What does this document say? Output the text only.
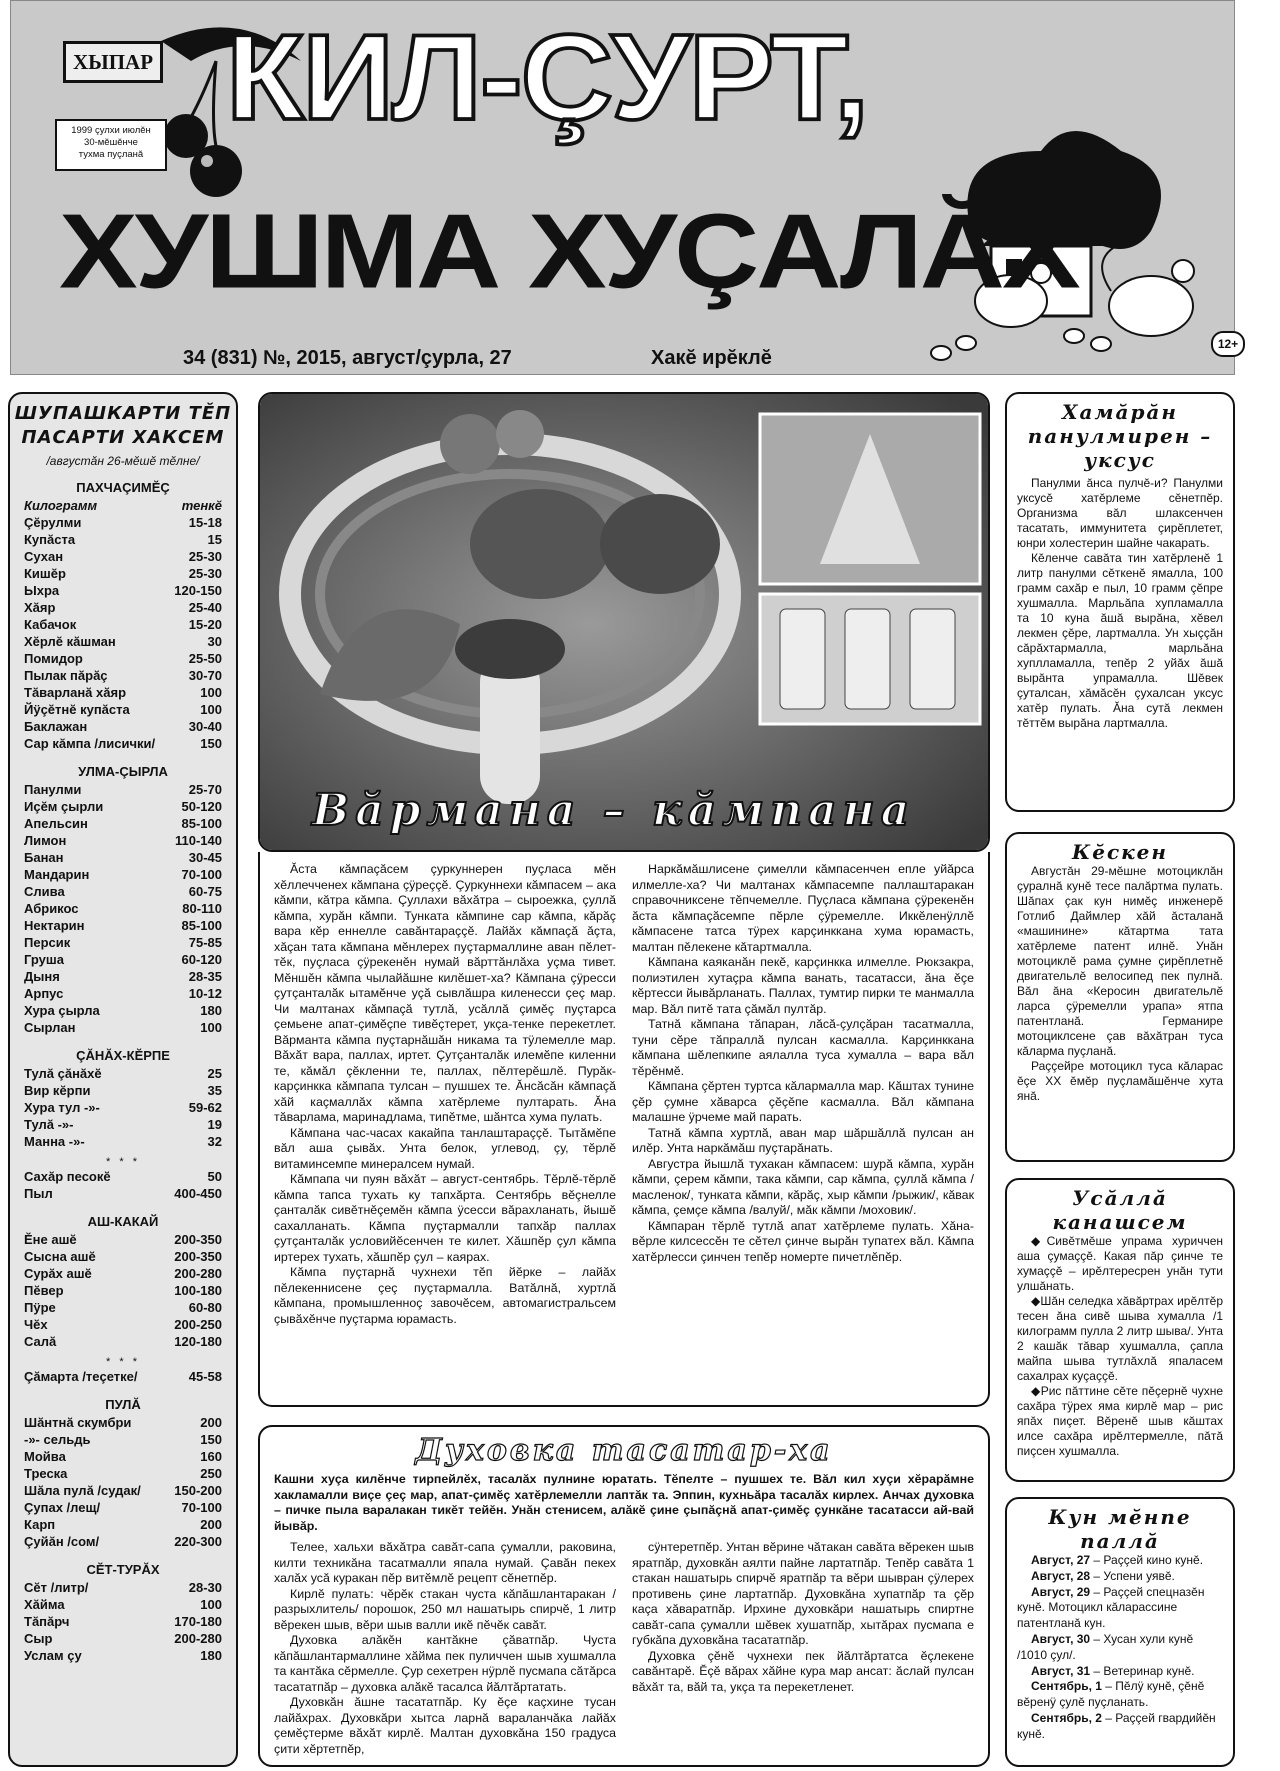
ХЫПАР
1999 çулхи июлĕн
30-мĕшĕнче
тухма пуçланă
КИЛ-ÇУРТ,
ХУШМА ХУÇАЛĂХ
34 (831) №, 2015, август/çурла, 27	Хакĕ ирĕклĕ
12+
ШУПАШКАРТИ ТĔП ПАСАРТИ ХАКСЕМ
/августăн 26-мĕшĕ тĕлне/
ПАХЧАÇИМĔÇ
Килограмм	тенкĕ
Çĕрулми	15-18
Купăста	15
Сухан	25-30
Кишĕр	25-30
Ыхра	120-150
Хăяр	25-40
Кабачок	15-20
Хĕрлĕ кăшман	30
Помидор	25-50
Пылак пăрăç	30-70
Тăварланă хăяр	100
Йÿçĕтнĕ купăста	100
Баклажан	30-40
Сар кăмпа /лисички/	150
УЛМА-ÇЫРЛА
Панулми	25-70
Иçĕм çырли	50-120
Апельсин	85-100
Лимон	110-140
Банан	30-45
Мандарин	70-100
Слива	60-75
Абрикос	80-110
Нектарин	85-100
Персик	75-85
Груша	60-120
Дыня	28-35
Арпус	10-12
Хура çырла	180
Сырлан	100
ÇĂНĂХ-КĔРПЕ
Тулă çăнăхĕ	25
Вир кĕрпи	35
Хура тул -»-	59-62
Тулă -»-	19
Манна -»-	32
* * *
Сахăр песокĕ	50
Пыл	400-450
АШ-КАКАЙ
Ĕне ашĕ	200-350
Сысна ашĕ	200-350
Сурăх ашĕ	200-280
Пĕвер	100-180
Пÿре	60-80
Чĕх	200-250
Салă	120-180
* * *
Çăмарта /теçетке/	45-58
ПУЛĂ
Шăнтнă скумбри	200
-»- сельдь	150
Мойва	160
Треска	250
Шăла пулă /судак/	150-200
Çупах /лещ/	70-100
Карп	200
Çуйăн /сом/	220-300
СĔТ-ТУРĂХ
Сĕт /литр/	28-30
Хăйма	100
Тăпăрч	170-180
Сыр	200-280
Услам çу	180
Вăрмана – кăмпана

Ăста кăмпаçăсем çуркуннерен пуçласа мĕн хĕллечченех кăмпана çÿреççĕ. Çуркуннехи кăмпасем – ака кăмпи, кăтра кăмпа. Çуллахи вăхăтра – сыроежка, çуллă кăмпа, хурăн кăмпи. Тунката кăмпине сар кăмпа, кăрăç вара кĕр еннелле савăнтараççĕ. Лайăх кăмпаçă ăçта, хăçан тата кăмпана мĕнлерех пуçтармаллине аван пĕлет-тĕк, пуçласа çÿрекенĕн нумай вăрттăнлăха уçма тивет. Мĕншĕн кăмпа чылайăшне килĕшет-ха? Кăмпана çÿресси çутçанталăк ытамĕнче уçă сывлăшра киленесси çеç мар. Чи малтанах кăмпаçă тутлă, усăллă çимĕç пуçтарса çемьене апат-çимĕçпе тивĕçтерет, укçа-тенке перекетлет. Вăрманта кăмпа пуçтарнăшăн никама та тÿлемелле мар. Вăхăт вара, паллах, иртет. Çутçанталăк илемĕпе киленни те, кăмăл çĕкленни те, паллах, пĕлтерĕшлĕ. Пурăк-карçинкка кăмпапа тулсан – пушшех те. Ăнсăсăн кăмпаçă хăй каçмаллăх кăмпа хатĕрлеме пултарать. Ăна тăварлама, маринадлама, типĕтме, шăнтса хума пулать.

Кăмпана час-часах какайпа танлаштараççĕ. Тытăмĕпе вăл аша çывăх. Унта белок, углевод, çу, тĕрлĕ витаминсемпе минералсем нумай.

Кăмпапа чи пуян вăхăт – август-сентябрь. Тĕрлĕ-тĕрлĕ кăмпа тапса тухать ку тапхăрта. Сентябрь вĕçнелле çанталăк сивĕтнĕçемĕн кăмпа ÿсесси вăрахланать, йышĕ сахалланать. Кăмпа пуçтармалли тапхăр паллах çутçанталăк условийĕсенчен те килет. Хăшпĕр çул кăмпа иртерех тухать, хăшпĕр çул – каярах.

Кăмпа пуçтарнă чухнехи тĕп йĕрке – лайăх пĕлекеннисене çеç пуçтармалла. Ватăлнă, хуртлă кăмпана, промышленноç завочĕсем, автомагистральсем çывăхĕнче пуçтарма юрамасть.

Наркăмăшлисене çимелли кăмпасенчен епле уйăрса илмелле-ха? Чи малтанах кăмпасемпе паллаштаракан справочниксене тĕпчемелле. Пуçласа кăмпана çÿрекенĕн ăста кăмпаçăсемпе пĕрле çÿремелле. Иккĕленÿллĕ кăмпасене татса тÿрех карçинккана хума юрамасть, малтан пĕлекене кăтартмалла.

Кăмпана каяканăн пекĕ, карçинкка илмелле. Рюкзакра, полиэтилен хутаçра кăмпа ванать, тасатасси, ăна ĕçе кĕртесси йывăрланать. Паллах, тумтир пирки те манмалла мар. Вăл питĕ тата çăмăл пултăр.

Татнă кăмпана тăпаран, лăсă-çулçăран тасатмалла, туни сĕре тăпраллă пулсан касмалла. Карçинккана кăмпана шĕлепкипе аялалла туса хумалла – вара вăл тĕрĕнмĕ.

Кăмпана çĕртен туртса кăлармалла мар. Кăштах тунине çĕр çумне хăварса çĕçĕпе касмалла. Вăл кăмпана малашне ÿрчеме май парать.

Татнă кăмпа хуртлă, аван мар шăршăллă пулсан ан илĕр. Унта наркăмăш пуçтарăнать.

Августра йышлă тухакан кăмпасем: шурă кăмпа, хурăн кăмпи, çерем кăмпи, така кăмпи, сар кăмпа, çуллă кăмпа /масленок/, тунката кăмпи, кăрăç, хыр кăмпи /рыжик/, кăвак кăмпа, çемçе кăмпа /валуй/, мăк кăмпи /моховик/.

Кăмпаран тĕрлĕ тутлă апат хатĕрлеме пулать. Хăна-вĕрле килсессĕн те сĕтел çинче вырăн тупатех вăл. Кăмпа хатĕрлесси çинчен тепĕр номерте пичетлĕпĕр.

Духовка тасатар-ха
Кашни хуçа килĕнче тирпейлĕх, тасалăх пулнине юратать. Тĕпелте – пушшех те. Вăл кил хуçи хĕрарăмне хакламалли виçе çеç мар, апат-çимĕç хатĕрлемелли лаптăк та. Эппин, кухньăра тасалăх кирлех. Анчах духовка – пичке пыла варалакан тикĕт тейĕн. Унăн стенисем, алăкĕ çине çыпăçнă апат-çимĕç çункăне тасатасси ай-вай йывăр.

Телее, хальхи вăхăтра савăт-сапа çумалли, раковина, килти техникăна тасатмалли япала нумай. Çавăн пекех халăх усă куракан пĕр витĕмлĕ рецепт сĕнетпĕр.

Кирлĕ пулать: чĕрĕк стакан чуста кăпăшлантаракан /разрыхлитель/ порошок, 250 мл нашатырь спирчĕ, 1 литр вĕрекен шыв, вĕри шыв валли икĕ пĕчĕк савăт.

Духовка алăкĕн кантăкне çăватпăр. Чуста кăпăшлантармаллине хăйма пек пуличчен шыв хушмалла та кантăка сĕрмелле. Çур сехетрен нÿрлĕ пусмапа сăтăрса тасататпăр – духовка алăкĕ тасалса йăлтăртатать.

Духовкăн ăшне тасататпăр. Ку ĕçе каçхине тусан лайăхрах. Духовкăри хытса ларнă вараланчăка лайăх çемĕçтерме вăхăт кирлĕ. Малтан духовкăна 150 градуса çити хĕртетпĕр,

сÿнтеретпĕр. Унтан вĕрине чăтакан савăта вĕрекен шыв яратпăр, духовкăн аялти пайне лартатпăр. Тепĕр савăта 1 стакан нашатырь спирчĕ яратпăр та вĕри шывран çÿлерех противень çине лартатпăр. Духовкăна хупатпăр та çĕр каçа хăваратпăр. Ирхине духовкăри нашатырь спиртне савăт-сапа çумалли шĕвек хушатпăр, хытăрах пусмапа е губкăпа духовкăна тасататпăр.

Духовка çĕнĕ чухнехи пек йăлтăртатса ĕçлекене савăнтарĕ. Ĕçĕ вăрах хăйне кура мар ансат: ăслай пулсан вăхăт та, вăй та, укçа та перекетленет.

Хамăрăн панулмирен – уксус

Панулми ăнса пулчĕ-и? Панулми уксусĕ хатĕрлеме сĕнетпĕр. Организма вăл шлаксенчен тасатать, иммунитета çирĕплетет, юнри холестерин шайне чакарать.

Кĕленче савăта тин хатĕрленĕ 1 литр панулми сĕткенĕ ямалла, 100 грамм сахăр е пыл, 10 грамм çĕпре хушмалла. Марльăпа хупламалла та 10 куна ăшă вырăна, хĕвел лекмен çĕре, лартмалла. Ун хыççăн сăрăхтармалла, марльăна хуплламалла, тепĕр 2 уйăх ăшă вырăнта упрамалла. Шĕвек çуталсан, хăмăсĕн çухалсан уксус хатĕр пулать. Ăна сутă лекмен тĕттĕм вырăна лартмалла.

Кĕскен

Августăн 29-мĕшне мотоциклăн çуралнă кунĕ тесе палăртма пулать. Шăпах çак кун нимĕç инженерĕ Готлиб Даймлер хăй ăсталанă «машинине» кăтартма тата хатĕрлеме патент илнĕ. Унăн мотоциклĕ рама çумне çирĕплетнĕ двигательлĕ велосипед пек пулнă. Вăл ăна «Керосин двигательлĕ ларса çÿремелли урапа» ятпа патентланă. Германире мотоциклсене çав вăхăтран туса кăларма пуçланă.

Раççейре мотоцикл туса кăларас ĕçе XX ĕмĕр пуçламăшĕнче хута янă.

Усăллă канашсем

◆Сивĕтмĕше упрама хуриччен аша çумаççĕ. Какая пăр çинче те хумаççĕ – ирĕлтересрен унăн тути улшăнать.

◆Шăн селедка хăвăртрах ирĕлтĕр тесен ăна сивĕ шыва хумалла /1 килограмм пулла 2 литр шыва/. Унта 2 кашăк тăвар хушмалла, çапла майпа шыва тутлăхлă япаласем сахалрах куçаççĕ.

◆Рис пăттине сĕте пĕçернĕ чухне сахăра тÿрех яма кирлĕ мар – рис япăх пиçет. Вĕренĕ шыв кăштах илсе сахăра ирĕлтермелле, пăтă пиçсен хушмалла.

Кун мĕнпе паллă

Август, 27 – Раççей кино кунĕ.

Август, 28 – Успени уявĕ.

Август, 29 – Раççей спецназĕн кунĕ. Мотоцикл кăларассине патентланă кун.

Август, 30 – Хусан хули кунĕ /1010 çул/.

Август, 31 – Ветеринар кунĕ.

Сентябрь, 1 – Пĕлÿ кунĕ, çĕнĕ вĕренÿ çулĕ пуçланать.

Сентябрь, 2 – Раççей гвардийĕн кунĕ.
